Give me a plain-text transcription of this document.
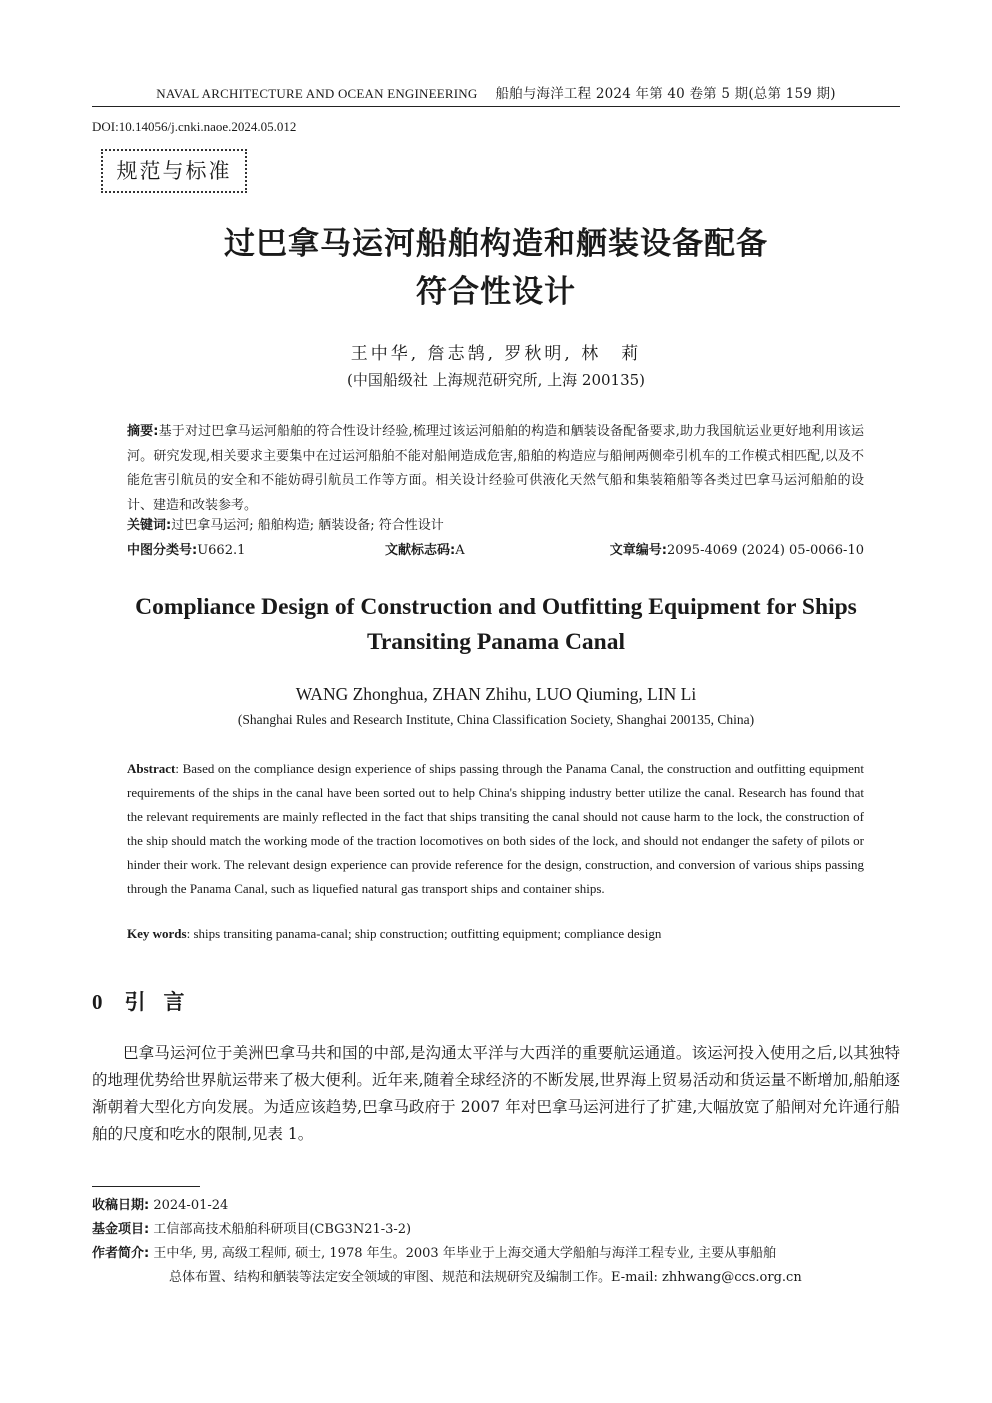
NAVAL ARCHITECTURE AND OCEAN ENGINEERING 船舶与海洋工程 2024 年第 40 卷第 5 期(总第 159 期)
DOI:10.14056/j.cnki.naoe.2024.05.012
规范与标准
过巴拿马运河船舶构造和舾装设备配备
符合性设计
王中华, 詹志鹄, 罗秋明, 林　莉
(中国船级社 上海规范研究所, 上海 200135)
摘要:基于对过巴拿马运河船舶的符合性设计经验,梳理过该运河船舶的构造和舾装设备配备要求,助力我国航运业更好地利用该运河。研究发现,相关要求主要集中在过运河船舶不能对船闸造成危害,船舶的构造应与船闸两侧牵引机车的工作模式相匹配,以及不能危害引航员的安全和不能妨碍引航员工作等方面。相关设计经验可供液化天然气船和集装箱船等各类过巴拿马运河船舶的设计、建造和改装参考。
关键词:过巴拿马运河; 船舶构造; 舾装设备; 符合性设计
中图分类号:U662.1	文献标志码:A	文章编号:2095-4069 (2024) 05-0066-10
Compliance Design of Construction and Outfitting Equipment for Ships Transiting Panama Canal
WANG Zhonghua, ZHAN Zhihu, LUO Qiuming, LIN Li
(Shanghai Rules and Research Institute, China Classification Society, Shanghai 200135, China)
Abstract: Based on the compliance design experience of ships passing through the Panama Canal, the construction and outfitting equipment requirements of the ships in the canal have been sorted out to help China's shipping industry better utilize the canal. Research has found that the relevant requirements are mainly reflected in the fact that ships transiting the canal should not cause harm to the lock, the construction of the ship should match the working mode of the traction locomotives on both sides of the lock, and should not endanger the safety of pilots or hinder their work. The relevant design experience can provide reference for the design, construction, and conversion of various ships passing through the Panama Canal, such as liquefied natural gas transport ships and container ships.
Key words: ships transiting panama-canal; ship construction; outfitting equipment; compliance design
0 引言
巴拿马运河位于美洲巴拿马共和国的中部,是沟通太平洋与大西洋的重要航运通道。该运河投入使用之后,以其独特的地理优势给世界航运带来了极大便利。近年来,随着全球经济的不断发展,世界海上贸易活动和货运量不断增加,船舶逐渐朝着大型化方向发展。为适应该趋势,巴拿马政府于 2007 年对巴拿马运河进行了扩建,大幅放宽了船闸对允许通行船舶的尺度和吃水的限制,见表 1。
收稿日期: 2024-01-24
基金项目: 工信部高技术船舶科研项目(CBG3N21-3-2)
作者简介: 王中华, 男, 高级工程师, 硕士, 1978 年生。2003 年毕业于上海交通大学船舶与海洋工程专业, 主要从事船舶
总体布置、结构和舾装等法定安全领域的审图、规范和法规研究及编制工作。E-mail: zhhwang@ccs.org.cn
